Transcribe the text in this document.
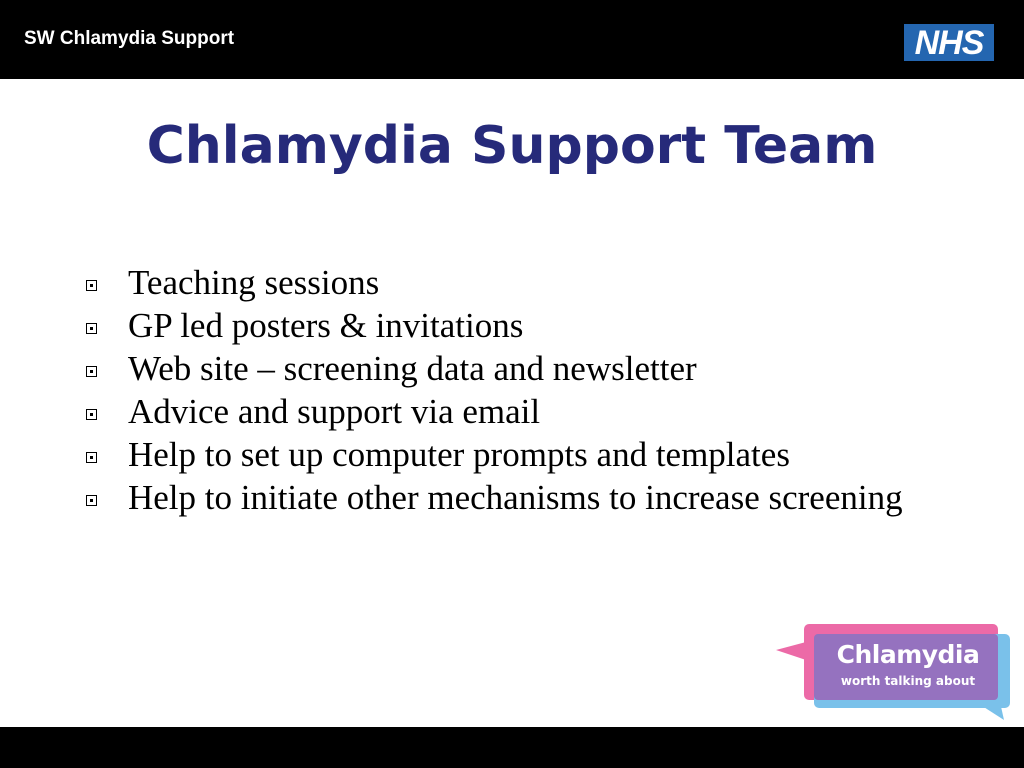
SW Chlamydia Support	NHS
Chlamydia Support Team
Teaching sessions
GP led posters & invitations
Web site – screening data and newsletter
Advice and support via email
Help to set up computer prompts and templates
Help to initiate other mechanisms to increase screening
Chlamydia
worth talking about
